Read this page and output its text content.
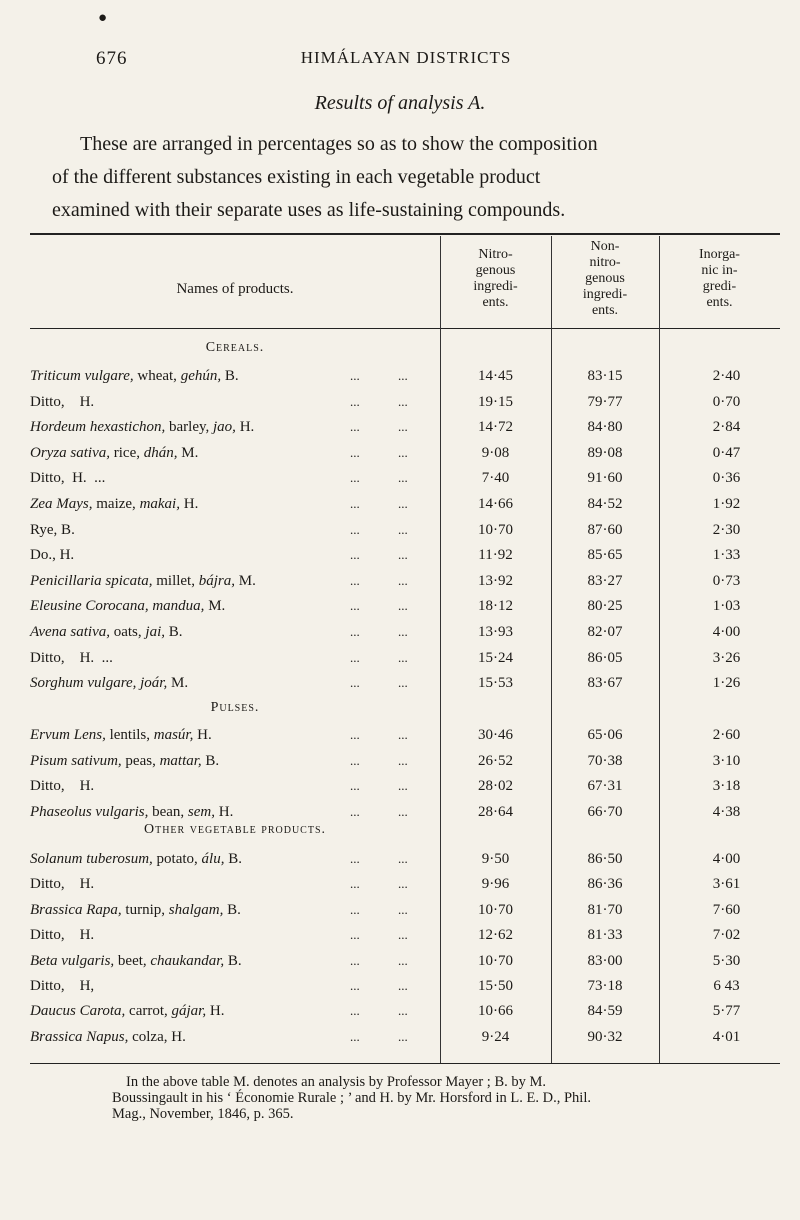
●
676	HIMÁLAYAN DISTRICTS
Results of analysis A.

These are arranged in percentages so as to show the composition
of the different substances existing in each vegetable product
examined with their separate uses as life-sustaining compounds.

Names of products.
Nitro-
genous
ingredi-
ents.
Non-
nitro-
genous
ingredi-
ents.
Inorga-
nic in-
gredi-
ents.
Cereals.
Triticum vulgare, wheat, gehún, B.	...	...	14·45	83·15	2·40
Ditto,    H.	...	...	19·15	79·77	0·70
Hordeum hexastichon, barley, jao, H.	...	...	14·72	84·80	2·84
Oryza sativa, rice, dhán, M.	...	...	9·08	89·08	0·47
Ditto,  H.  ...	...	...	7·40	91·60	0·36
Zea Mays, maize, makai, H.	...	...	14·66	84·52	1·92
Rye, B.	...	...	10·70	87·60	2·30
Do., H.	...	...	11·92	85·65	1·33
Penicillaria spicata, millet, bájra, M.	...	...	13·92	83·27	0·73
Eleusine Corocana, mandua, M.	...	...	18·12	80·25	1·03
Avena sativa, oats, jai, B.	...	...	13·93	82·07	4·00
Ditto,    H.  ...	...	...	15·24	86·05	3·26
Sorghum vulgare, joár, M.	...	...	15·53	83·67	1·26
Pulses.
Ervum Lens, lentils, masúr, H.	...	...	30·46	65·06	2·60
Pisum sativum, peas, mattar, B.	...	...	26·52	70·38	3·10
Ditto,    H.	...	...	28·02	67·31	3·18
Phaseolus vulgaris, bean, sem, H.	...	...	28·64	66·70	4·38
Other vegetable products.
Solanum tuberosum, potato, álu, B.	...	...	9·50	86·50	4·00
Ditto,    H.	...	...	9·96	86·36	3·61
Brassica Rapa, turnip, shalgam, B.	...	...	10·70	81·70	7·60
Ditto,    H.	...	...	12·62	81·33	7·02
Beta vulgaris, beet, chaukandar, B.	...	...	10·70	83·00	5·30
Ditto,    H,	...	...	15·50	73·18	6 43
Daucus Carota, carrot, gájar, H.	...	...	10·66	84·59	5·77
Brassica Napus, colza, H.	...	...	9·24	90·32	4·01

In the above table M. denotes an analysis by Professor Mayer ; B. by M.
Boussingault in his ‘ Économie Rurale ; ’ and H. by Mr. Horsford in L. E. D., Phil.
Mag., November, 1846, p. 365.
